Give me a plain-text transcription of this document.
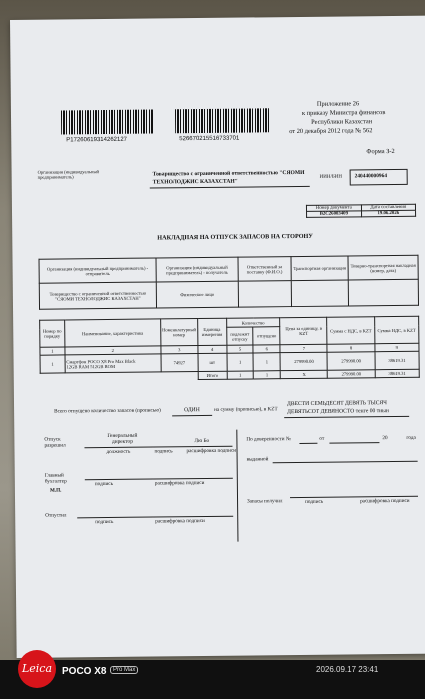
Приложение 26
к приказу Министра финансов
Республики Казахстан
от 20 декабря 2012 года № 562
Форма З-2
P17260619314262127	526670215516733701
Организация (индивидуальный предприниматель)	Товарищество с ограниченной ответственностью "СЯОМИ
ТЕХНОЛОДЖИС КАЗАХСТАН"
ИИН/БИН 240440000964
Номер документа	Дата составления
В2С26083409	19.06.2026
НАКЛАДНАЯ НА ОТПУСК ЗАПАСОВ НА СТОРОНУ
Организация (индивидуальный предприниматель) - отправитель	Организация (индивидуальный предприниматель) - получатель	Ответственный за поставку (Ф.И.О.)	Транспортная организация	Товарно-транспортная накладная (номер, дата)
Товарищество с ограниченной ответственностью "СЯОМИ ТЕХНОЛОДЖИС КАЗАХСТАН"	Физическое лицо			
Номер по порядку	Наименование, характеристика	Номенклатурный номер	Единица измерения	Количество		Цена за единицу, в KZT	Сумма с НДС, в KZT	Сумма НДС, в KZT
				подлежит отпуску	отпущено			
1	2	3	4	5	6	7	8	9
1	Смартфон POCO X8 Pro Max Black
12GB RAM 512GB ROM	74927	шт	1	1	279990.00	279990.00	38619.31
			Итого	1	1	X	279990.00	38619.31
Всего отпущено количество запасов (прописью)	ОДИН	на сумму (прописью), в KZT
ДВЕСТИ СЕМЬДЕСЯТ ДЕВЯТЬ ТЫСЯЧ
ДЕВЯТЬСОТ ДЕВЯНОСТО тенге 00 тиын
Отпуск разрешил
Генеральный директор	Лю Бо
должность	подпись	расшифровка подписи
Главный бухгалтер	подпись	расшифровка подписи
М.П.
Отпустил
подпись	расшифровка подписи
По доверенности №	от	20	года
выданной
Запасы получил	подпись	расшифровка подписи
POCO X8	Pro Max	2026.09.17 23:41
Leica
